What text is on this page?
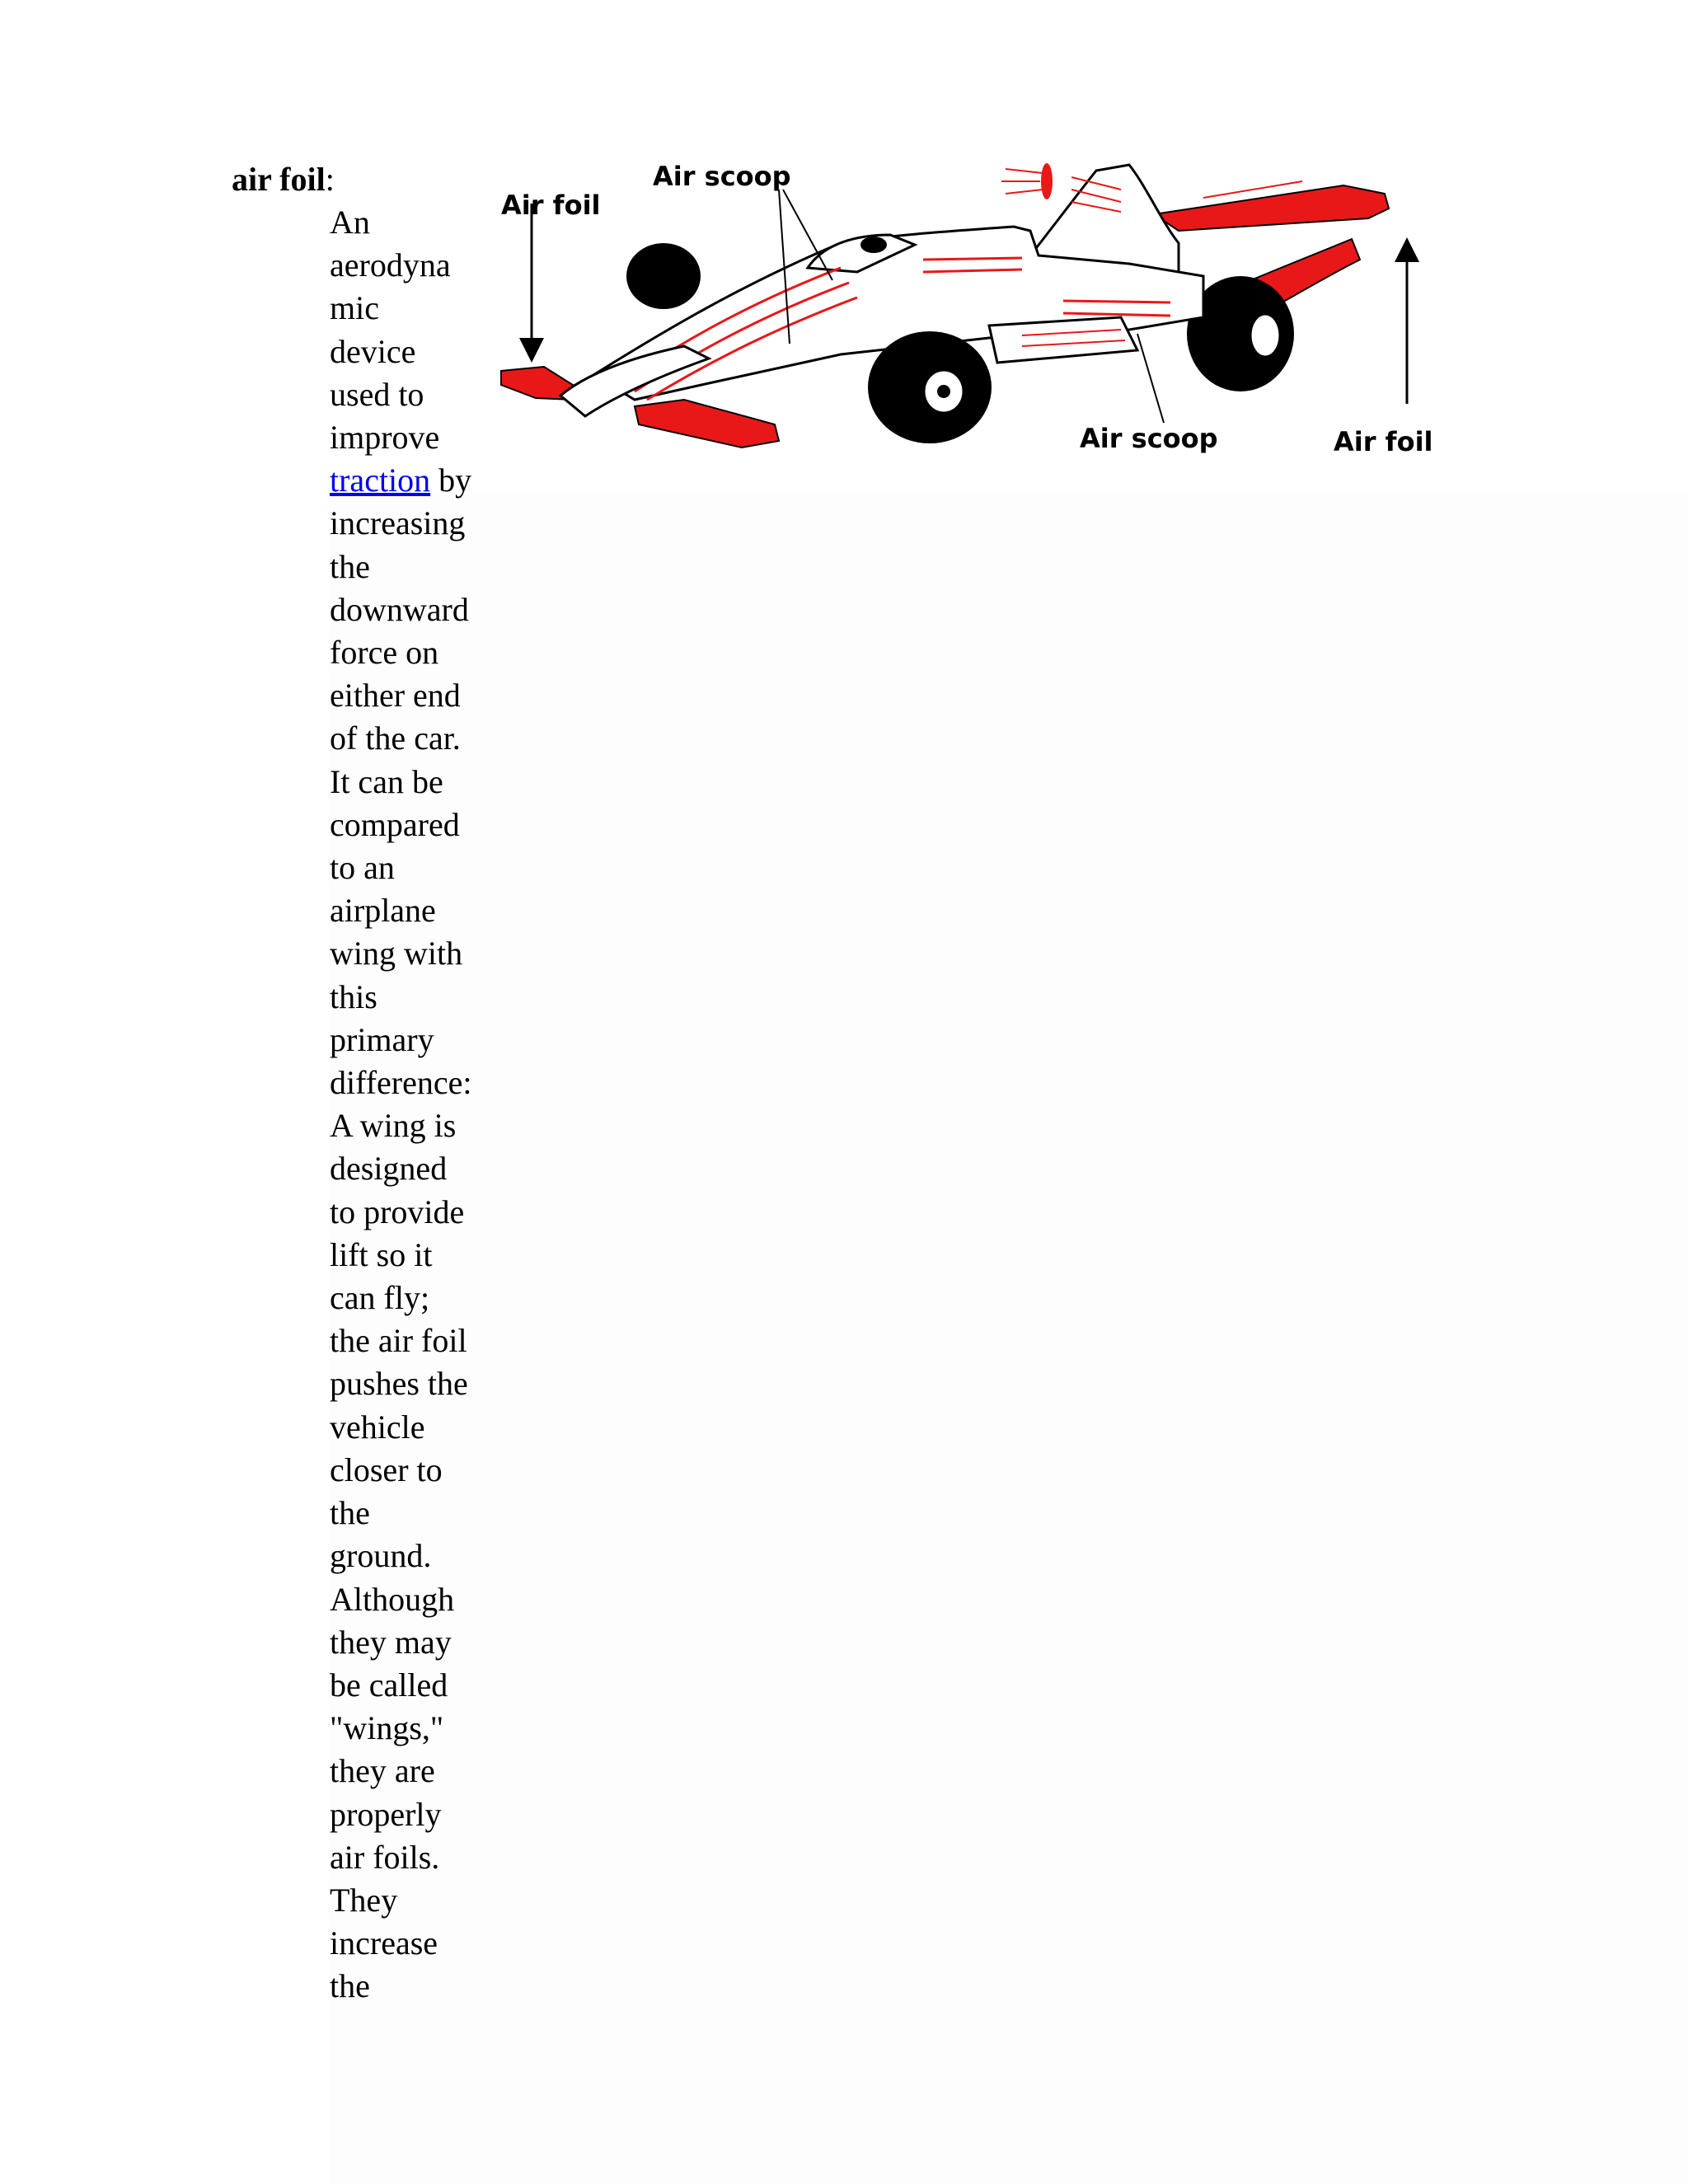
air foil:
An
aerodyna
mic
device
used to
improve
traction by
increasing
the
downward
force on
either end
of the car.
It can be
compared
to an
airplane
wing with
this
primary
difference:
A wing is
designed
to provide
lift so it
can fly;
the air foil
pushes the
vehicle
closer to
the
ground.
Although
they may
be called
"wings,"
they are
properly
air foils.
They
increase
the
Air foil
Air scoop
Air scoop	Air foil
